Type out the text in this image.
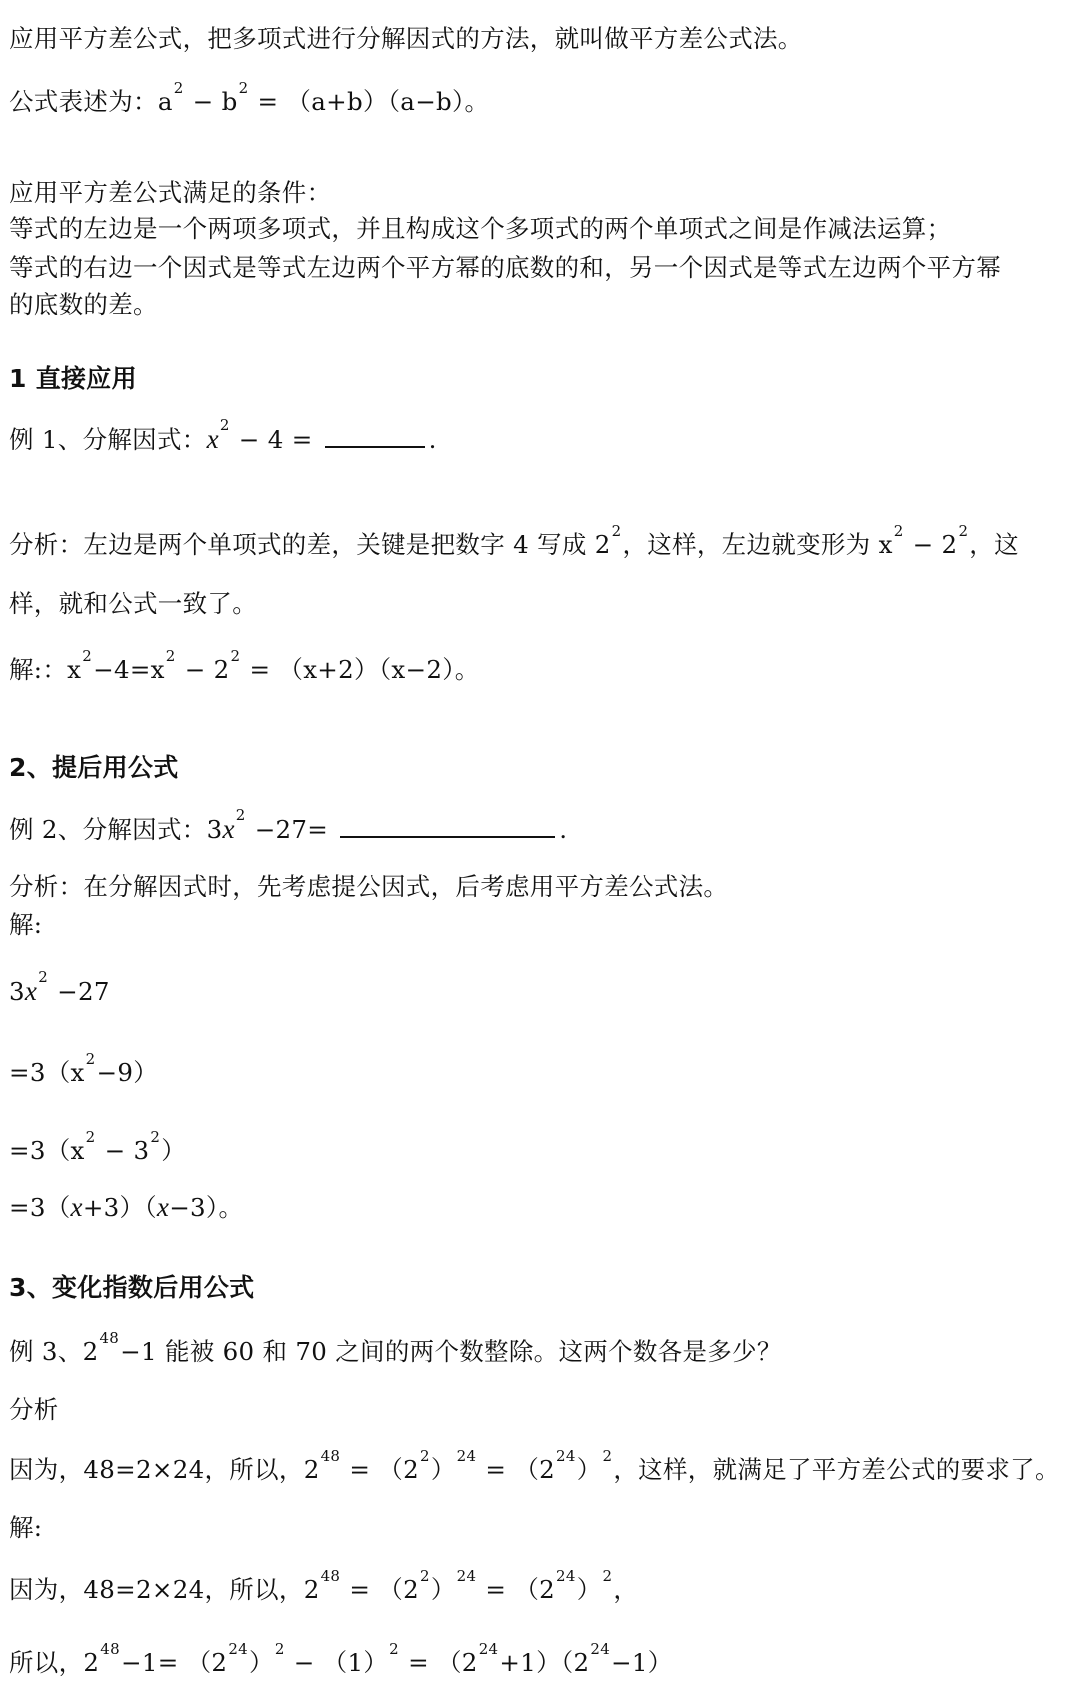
应用平方差公式，把多项式进行分解因式的方法，就叫做平方差公式法。
公式表述为：$a^2 - b^2 = (a+b)(a-b)$。
应用平方差公式满足的条件：
等式的左边是一个两项多项式，并且构成这个多项式的两个单项式之间是作减法运算；
等式的右边一个因式是等式左边两个平方幂的底数的和，另一个因式是等式左边两个平方幂
的底数的差。
1 直接应用
例 1、分解因式：$x^2 - 4$ =	.
分析：左边是两个单项式的差，关键是把数字 4 写成 $2^2$，这样，左边就变形为 $x^2 - 2^2$，这
样，就和公式一致了。
解:：$x^2-4=x^2 - 2^2 = (x+2)(x-2)$。
2、提后用公式
例 2、分解因式：$3x^2 -27=$	.
分析：在分解因式时，先考虑提公因式，后考虑用平方差公式法。
解:
$3x^2 -27$
$=3(x^2-9)$
$=3(x^2 - 3^2)$
=3（x+3）（x−3）。
3、变化指数后用公式
例 3、$2^{48}-1$ 能被 60 和 70 之间的两个数整除。这两个数各是多少？
分析
因为，48=2×24，所以，$2^{48} = (2^2)^{24} = (2^{24})^2$，这样，就满足了平方差公式的要求了。
解:
因为，48=2×24，所以，$2^{48} = (2^2)^{24} = (2^{24})^2$，
所以，$2^{48}-1= (2^{24})^2 - (1)^2 = (2^{24}+1)(2^{24}-1)$
